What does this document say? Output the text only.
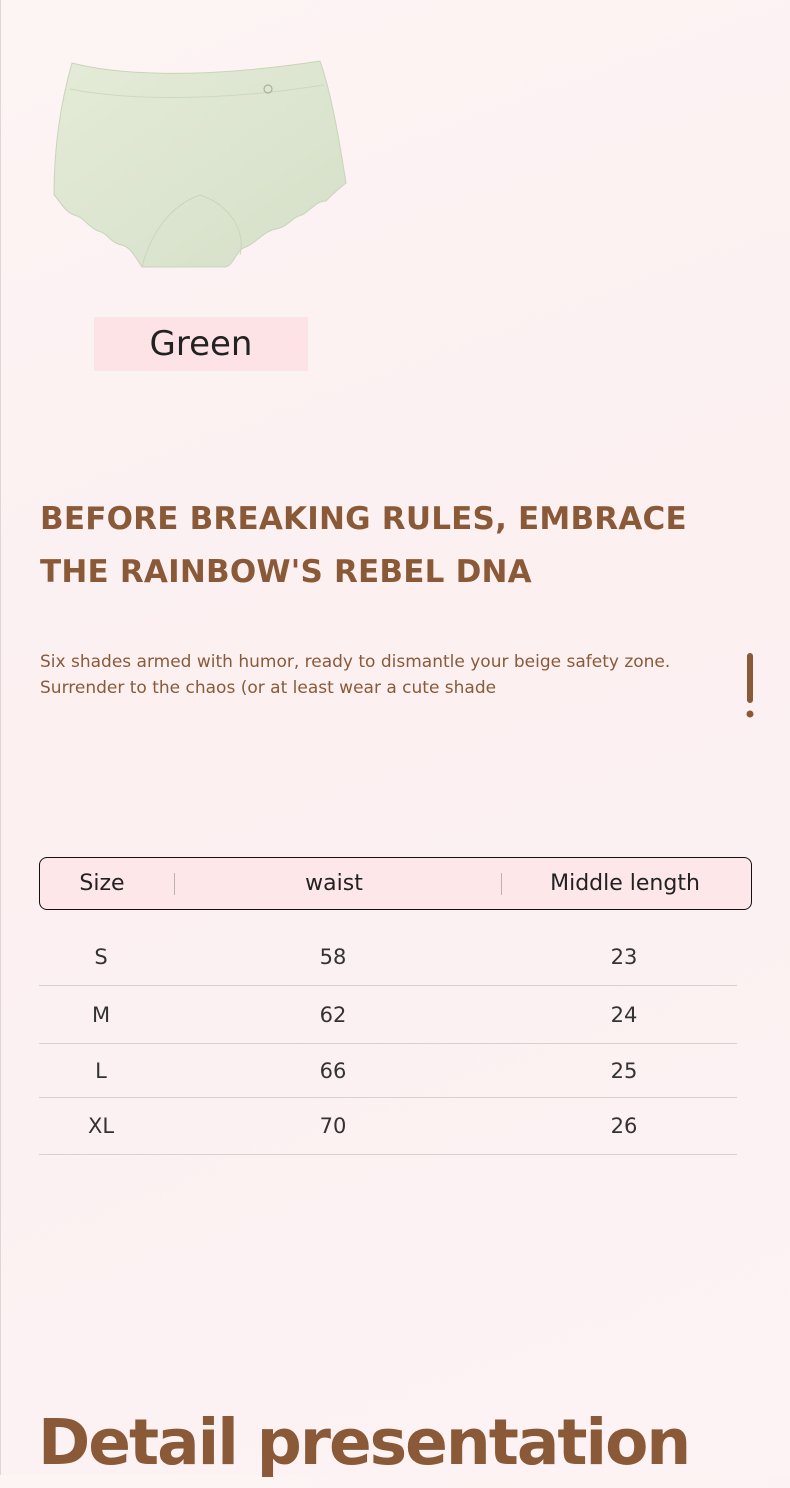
Green
BEFORE BREAKING RULES, EMBRACE
THE RAINBOW'S REBEL DNA

Six shades armed with humor, ready to dismantle your beige safety zone. Surrender to the chaos (or at least wear a cute shade

Size	waist	Middle length
S	58	23
M	62	24
L	66	25
XL	70	26
Detail presentation
